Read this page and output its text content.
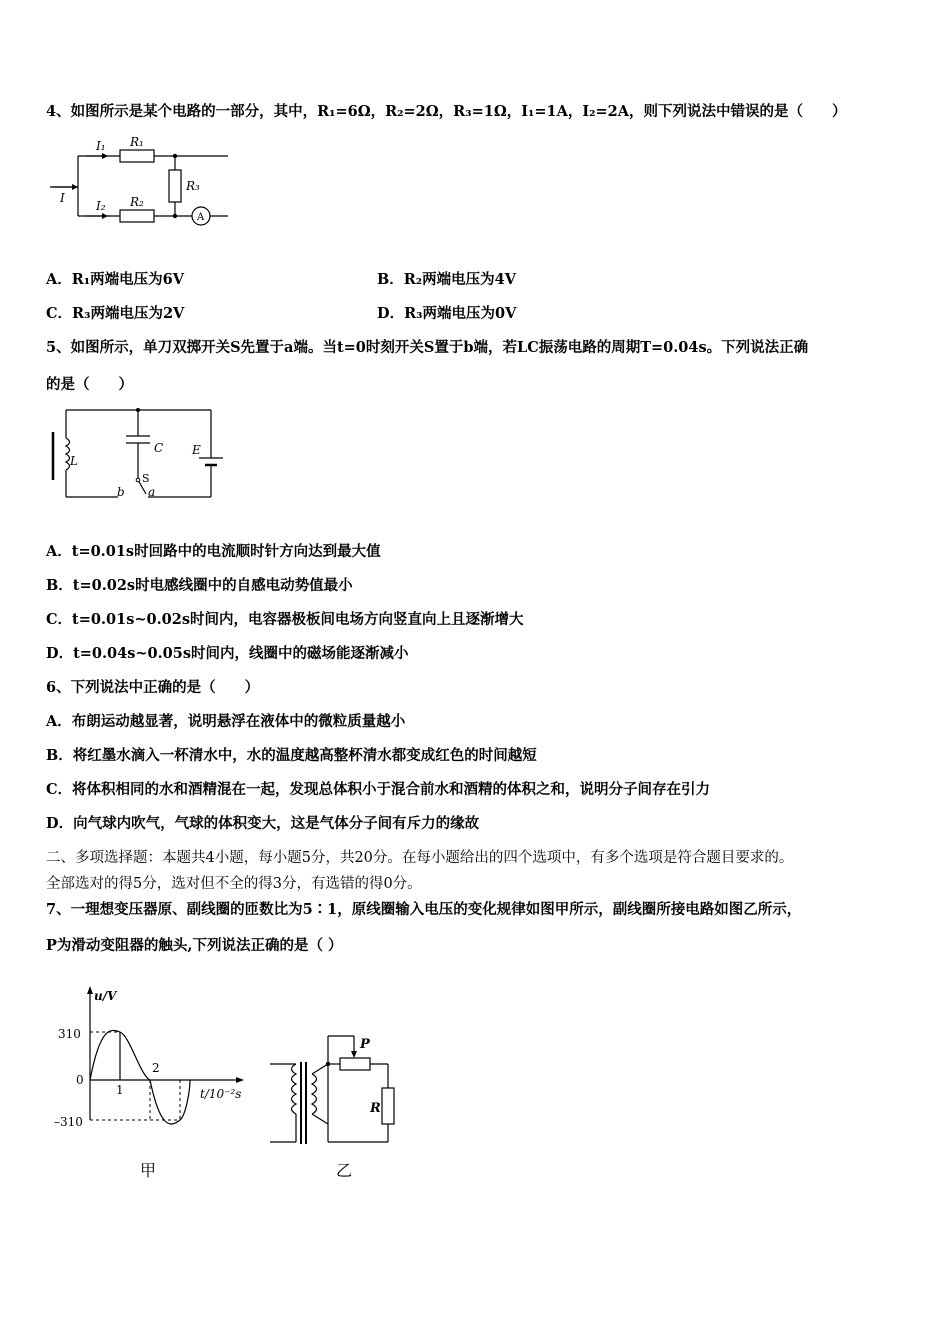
4、如图所示是某个电路的一部分，其中，R₁=6Ω，R₂=2Ω，R₃=1Ω，I₁=1A，I₂=2A，则下列说法中错误的是（　　）
I
I₁
I₂
R₁
R₂
R₃
A
A．R₁两端电压为6V	B．R₂两端电压为4V
C．R₃两端电压为2V	D．R₃两端电压为0V
5、如图所示，单刀双掷开关S先置于a端。当t=0时刻开关S置于b端，若LC振荡电路的周期T=0.04s。下列说法正确
的是（　　）
L
C E
a
b
S
A．t=0.01s时回路中的电流顺时针方向达到最大值
B．t=0.02s时电感线圈中的自感电动势值最小
C．t=0.01s~0.02s时间内，电容器极板间电场方向竖直向上且逐渐增大
D．t=0.04s~0.05s时间内，线圈中的磁场能逐渐减小
6、下列说法中正确的是（　　）
A．布朗运动越显著，说明悬浮在液体中的微粒质量越小
B．将红墨水滴入一杯清水中，水的温度越高整杯清水都变成红色的时间越短
C．将体积相同的水和酒精混在一起，发现总体积小于混合前水和酒精的体积之和，说明分子间存在引力
D．向气球内吹气，气球的体积变大，这是气体分子间有斥力的缘故
二、多项选择题：本题共4小题，每小题5分，共20分。在每小题给出的四个选项中，有多个选项是符合题目要求的。
全部选对的得5分，选对但不全的得3分，有选错的得0分。
7、一理想变压器原、副线圈的匝数比为5∶1，原线圈输入电压的变化规律如图甲所示，副线圈所接电路如图乙所示，
P为滑动变阻器的触头,下列说法正确的是（ ）
u/V
310
0
–310
1
2
t/10⁻²s
甲
P
R
乙
